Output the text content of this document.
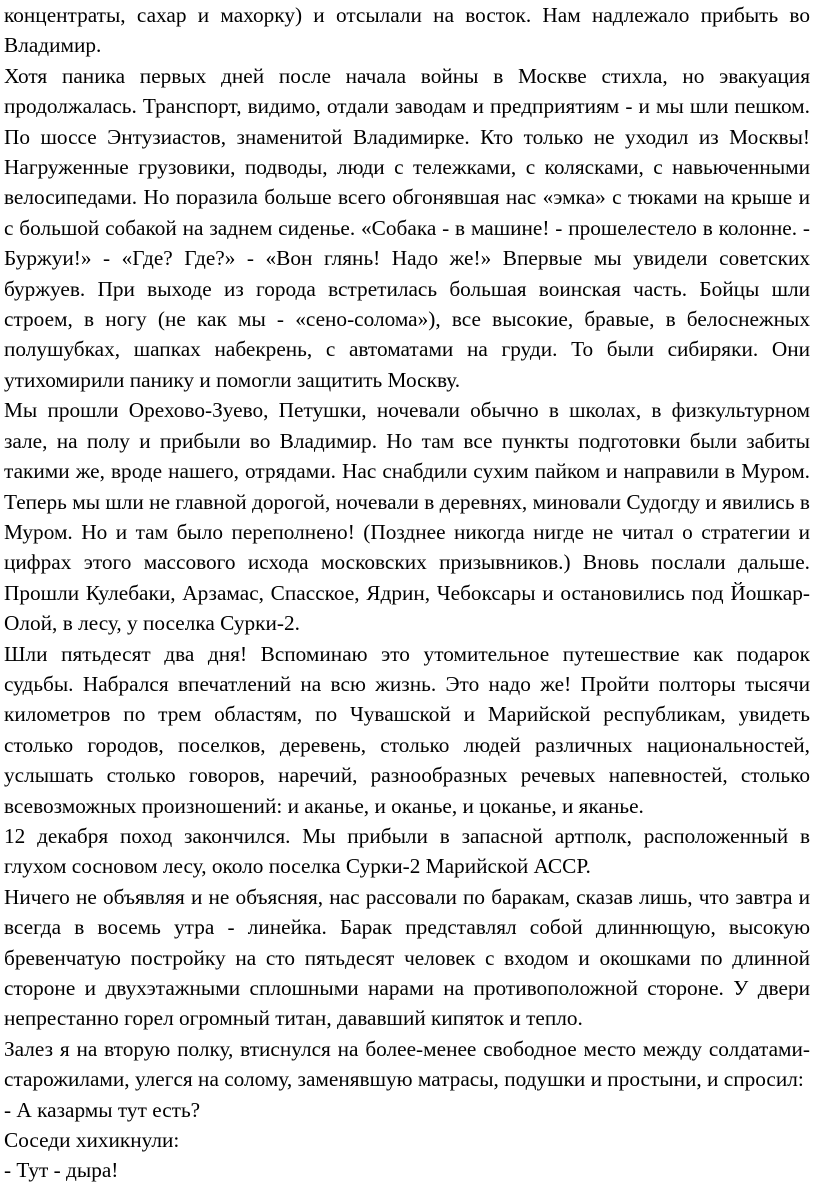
концентраты, сахар и махорку) и отсылали на восток. Нам надлежало прибыть во Владимир.

Хотя паника первых дней после начала войны в Москве стихла, но эвакуация продолжалась. Транспорт, видимо, отдали заводам и предприятиям - и мы шли пешком. По шоссе Энтузиастов, знаменитой Владимирке. Кто только не уходил из Москвы! Нагруженные грузовики, подводы, люди с тележками, с колясками, с навьюченными велосипедами. Но поразила больше всего обгонявшая нас «эмка» с тюками на крыше и с большой собакой на заднем сиденье. «Собака - в машине! - прошелестело в колонне. - Буржуи!» - «Где? Где?» - «Вон глянь! Надо же!» Впервые мы увидели советских буржуев. При выходе из города встретилась большая воинская часть. Бойцы шли строем, в ногу (не как мы - «сено-солома»), все высокие, бравые, в белоснежных полушубках, шапках набекрень, с автоматами на груди. То были сибиряки. Они утихомирили панику и помогли защитить Москву.

Мы прошли Орехово-Зуево, Петушки, ночевали обычно в школах, в физкультурном зале, на полу и прибыли во Владимир. Но там все пункты подготовки были забиты такими же, вроде нашего, отрядами. Нас снабдили сухим пайком и направили в Муром. Теперь мы шли не главной дорогой, ночевали в деревнях, миновали Судогду и явились в Муром. Но и там было переполнено! (Позднее никогда нигде не читал о стратегии и цифрах этого массового исхода московских призывников.) Вновь послали дальше. Прошли Кулебаки, Арзамас, Спасское, Ядрин, Чебоксары и остановились под Йошкар-Олой, в лесу, у поселка Сурки-2.

Шли пятьдесят два дня! Вспоминаю это утомительное путешествие как подарок судьбы. Набрался впечатлений на всю жизнь. Это надо же! Пройти полторы тысячи километров по трем областям, по Чувашской и Марийской республикам, увидеть столько городов, поселков, деревень, столько людей различных национальностей, услышать столько говоров, наречий, разнообразных речевых напевностей, столько всевозможных произношений: и аканье, и оканье, и цоканье, и яканье.

12 декабря поход закончился. Мы прибыли в запасной артполк, расположенный в глухом сосновом лесу, около поселка Сурки-2 Марийской АССР.

Ничего не объявляя и не объясняя, нас рассовали по баракам, сказав лишь, что завтра и всегда в восемь утра - линейка. Барак представлял собой длиннющую, высокую бревенчатую постройку на сто пятьдесят человек с входом и окошками по длинной стороне и двухэтажными сплошными нарами на противоположной стороне. У двери непрестанно горел огромный титан, дававший кипяток и тепло.

Залез я на вторую полку, втиснулся на более-менее свободное место между солдатами-старожилами, улегся на солому, заменявшую матрасы, подушки и простыни, и спросил:

- А казармы тут есть?

Соседи хихикнули:

- Тут - дыра!
